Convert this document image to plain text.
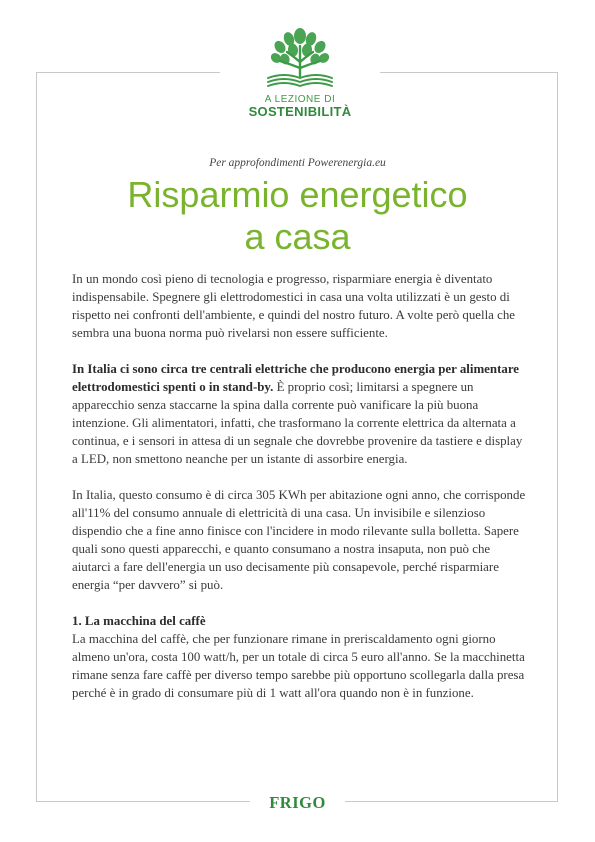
A LEZIONE DI
SOSTENIBILITÀ
Per approfondimenti Powerenergia.eu
Risparmio energetico
a casa

In un mondo così pieno di tecnologia e progresso, risparmiare energia è diventato indispensabile. Spegnere gli elettrodomestici in casa una volta utilizzati è un gesto di rispetto nei confronti dell'ambiente, e quindi del nostro futuro. A volte però quella che sembra una buona norma può rivelarsi non essere sufficiente.

In Italia ci sono circa tre centrali elettriche che producono energia per alimentare elettrodomestici spenti o in stand-by. È proprio così; limitarsi a spegnere un apparecchio senza staccarne la spina dalla corrente può vanificare la più buona intenzione. Gli alimentatori, infatti, che trasformano la corrente elettrica da alternata a continua, e i sensori in attesa di un segnale che dovrebbe provenire da tastiere e display a LED, non smettono neanche per un istante di assorbire energia.

In Italia, questo consumo è di circa 305 KWh per abitazione ogni anno, che corrisponde all'11% del consumo annuale di elettricità di una casa. Un invisibile e silenzioso dispendio che a fine anno finisce con l'incidere in modo rilevante sulla bolletta. Sapere quali sono questi apparecchi, e quanto consumano a nostra insaputa, non può che aiutarci a fare dell'energia un uso decisamente più consapevole, perché risparmiare energia “per davvero” si può.

1. La macchina del caffè

La macchina del caffè, che per funzionare rimane in preriscaldamento ogni giorno almeno un'ora, costa 100 watt/h, per un totale di circa 5 euro all'anno. Se la macchinetta rimane senza fare caffè per diverso tempo sarebbe più opportuno scollegarla dalla presa perché è in grado di consumare più di 1 watt all'ora quando non è in funzione.

FRIGO
